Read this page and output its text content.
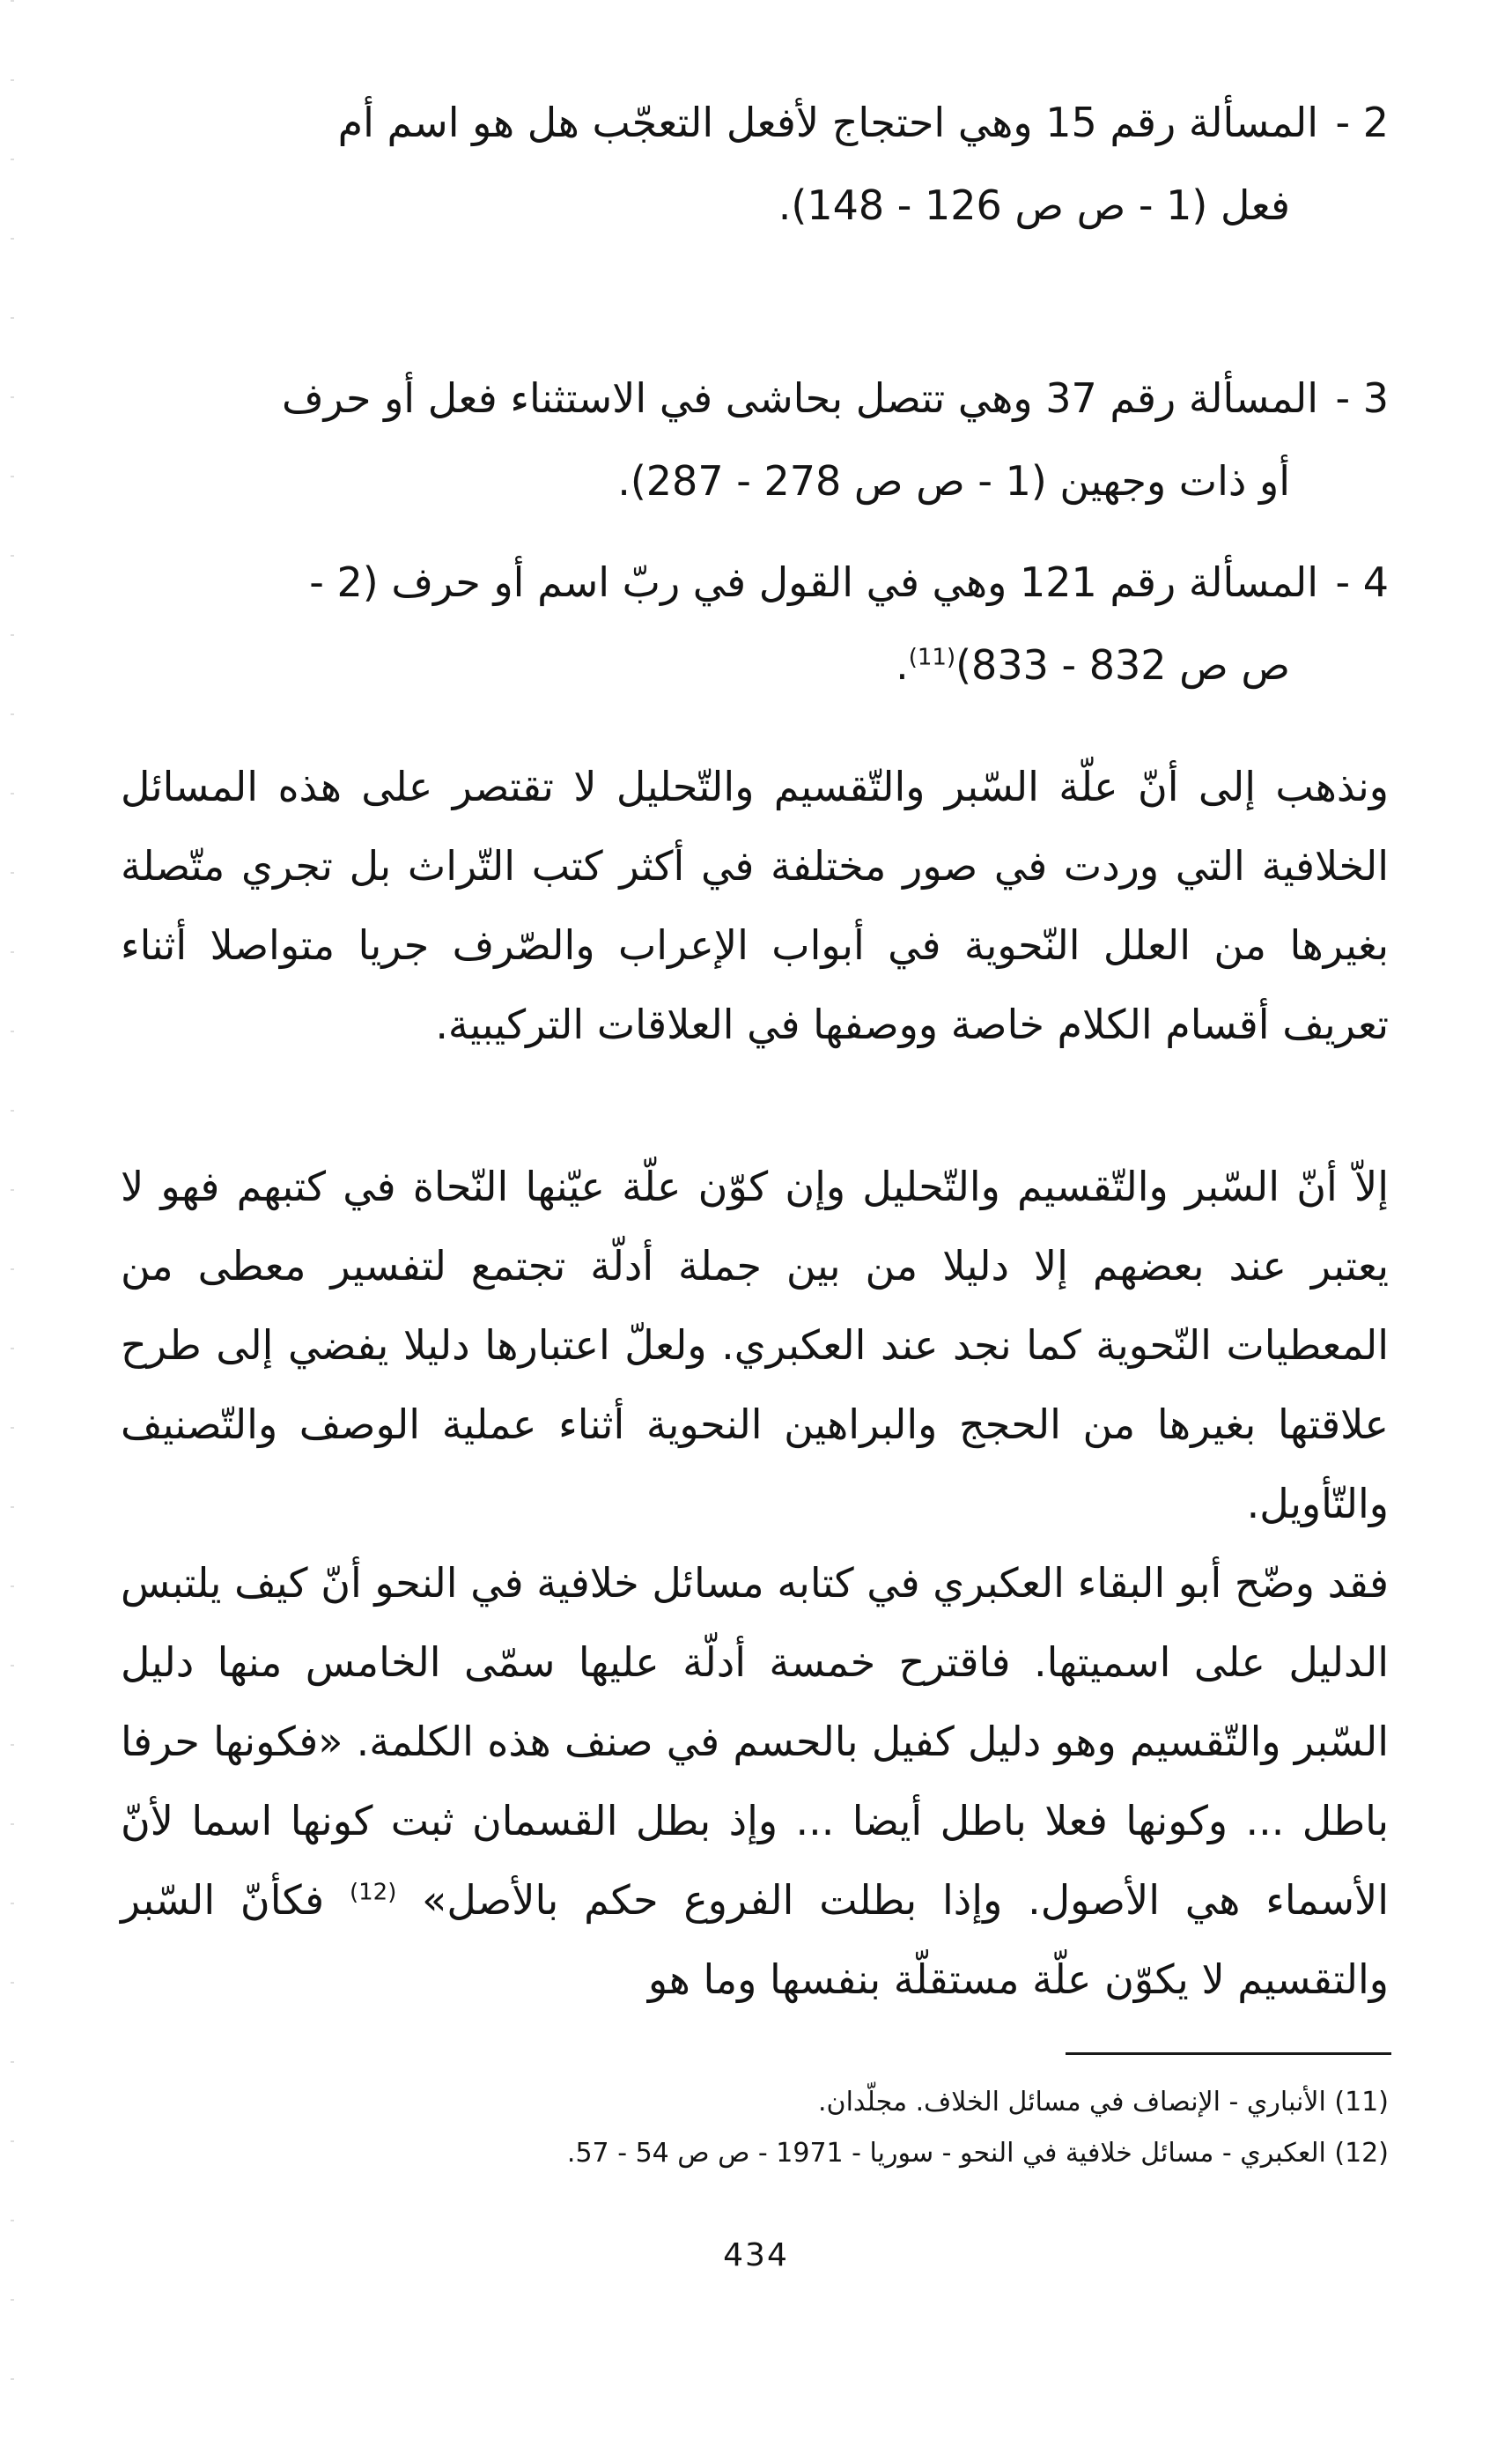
2 -المسألة رقم 15 وهي احتجاج لأفعل التعجّب هل هو اسم أم
فعل (1 - ص ص 126 - 148).
3 -المسألة رقم 37 وهي تتصل بحاشى في الاستثناء فعل أو حرف
أو ذات وجهين (1 - ص ص 278 - 287).
4 -المسألة رقم 121 وهي في القول في ربّ اسم أو حرف (2 -
ص ص 832 - 833)$^{(11)}$.

ونذهب إلى أنّ علّة السّبر والتّقسيم والتّحليل لا تقتصر على هذه المسائل الخلافية التي وردت في صور مختلفة في أكثر كتب التّراث بل تجري متّصلة بغيرها من العلل النّحوية في أبواب الإعراب والصّرف جريا متواصلا أثناء تعريف أقسام الكلام خاصة ووصفها في العلاقات التركيبية.

إلاّ أنّ السّبر والتّقسيم والتّحليل وإن كوّن علّة عيّنها النّحاة في كتبهم فهو لا يعتبر عند بعضهم إلا دليلا من بين جملة أدلّة تجتمع لتفسير معطى من المعطيات النّحوية كما نجد عند العكبري. ولعلّ اعتبارها دليلا يفضي إلى طرح علاقتها بغيرها من الحجج والبراهين النحوية أثناء عملية الوصف والتّصنيف والتّأويل.

فقد وضّح أبو البقاء العكبري في كتابه مسائل خلافية في النحو أنّ كيف يلتبس الدليل على اسميتها. فاقترح خمسة أدلّة عليها سمّى الخامس منها دليل السّبر والتّقسيم وهو دليل كفيل بالحسم في صنف هذه الكلمة. «فكونها حرفا باطل ... وكونها فعلا باطل أيضا ... وإذ بطل القسمان ثبت كونها اسما لأنّ الأسماء هي الأصول. وإذا بطلت الفروع حكم بالأصل» $^{(12)}$ فكأنّ السّبر والتقسيم لا يكوّن علّة مستقلّة بنفسها وما هو

(11) الأنباري - الإنصاف في مسائل الخلاف. مجلّدان.
(12) العكبري - مسائل خلافية في النحو - سوريا - 1971 - ص ص 54 - 57.
434
